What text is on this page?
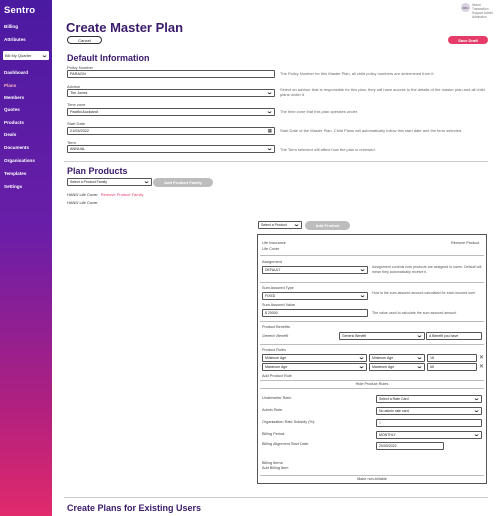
Sentro
Billing
Attributes
Bill My Quarter ⌄
Dashboard
Plans
Members
Quotes
Products
Deals
Documents
Organisations
Templates
Settings
ABC
Island Transaction Support Admin Admission
Create Master Plan
Cancel	Save Draft
Default Information
Policy Number
PARAGN	The Policy Number for this Master Plan, all child policy numbers are determined from it.
Advisor
Tim Jones	⌄
Select an advisor that is responsible for this plan, they will have access to the details of the master plan and all child plans under it
Time zone
Pacific/Auckland	⌄ The time zone that this plan operates under.
Start Date
21/03/2022	▦ Start Date of the Master Plan. Child Plans will automatically follow this start date and the term selected.
Term
ANNUAL	⌄ The Term selected will affect how the plan is renewed.
Plan Products
Select a Product Family	⌄	Add Product Family
HAND Life Cover Remove Product Family
HAND Life Cover
Select a Product ⌄	Add Product
Life Insurance
Life Cover
Remove Product
Assignment
DEFAULT	⌄ Assignment controls how products are assigned to users. Default will mean they automatically receive it.
Sum Assured Type
FIXED	⌄ How is the sum assured amount calculated for each insured user
Sum Assured Value
$ 20000	The value used to calculate the sum assured amount
Product Benefits
Generic Benefit	Generic Benefit	⌄ A Benefit you have
Product Rules
Minimum Age	⌄ Minimum Age	⌄ 18	✕
Maximum Age	⌄ Maximum Age	⌄ 65	✕
Add Product Rule
Hide Product Rules
Underwriter Rate:	Select a Rate Card	⌄
Admin Rate:	No admin rate card	⌄
Organisation Rate Subsidy (%):	0
Billing Period:	MONTHLY	⌄
Billing Alignment Start Date:	20/03/2022
Billing Items:
Add Billing Item
Make non-billable
Create Plans for Existing Users
